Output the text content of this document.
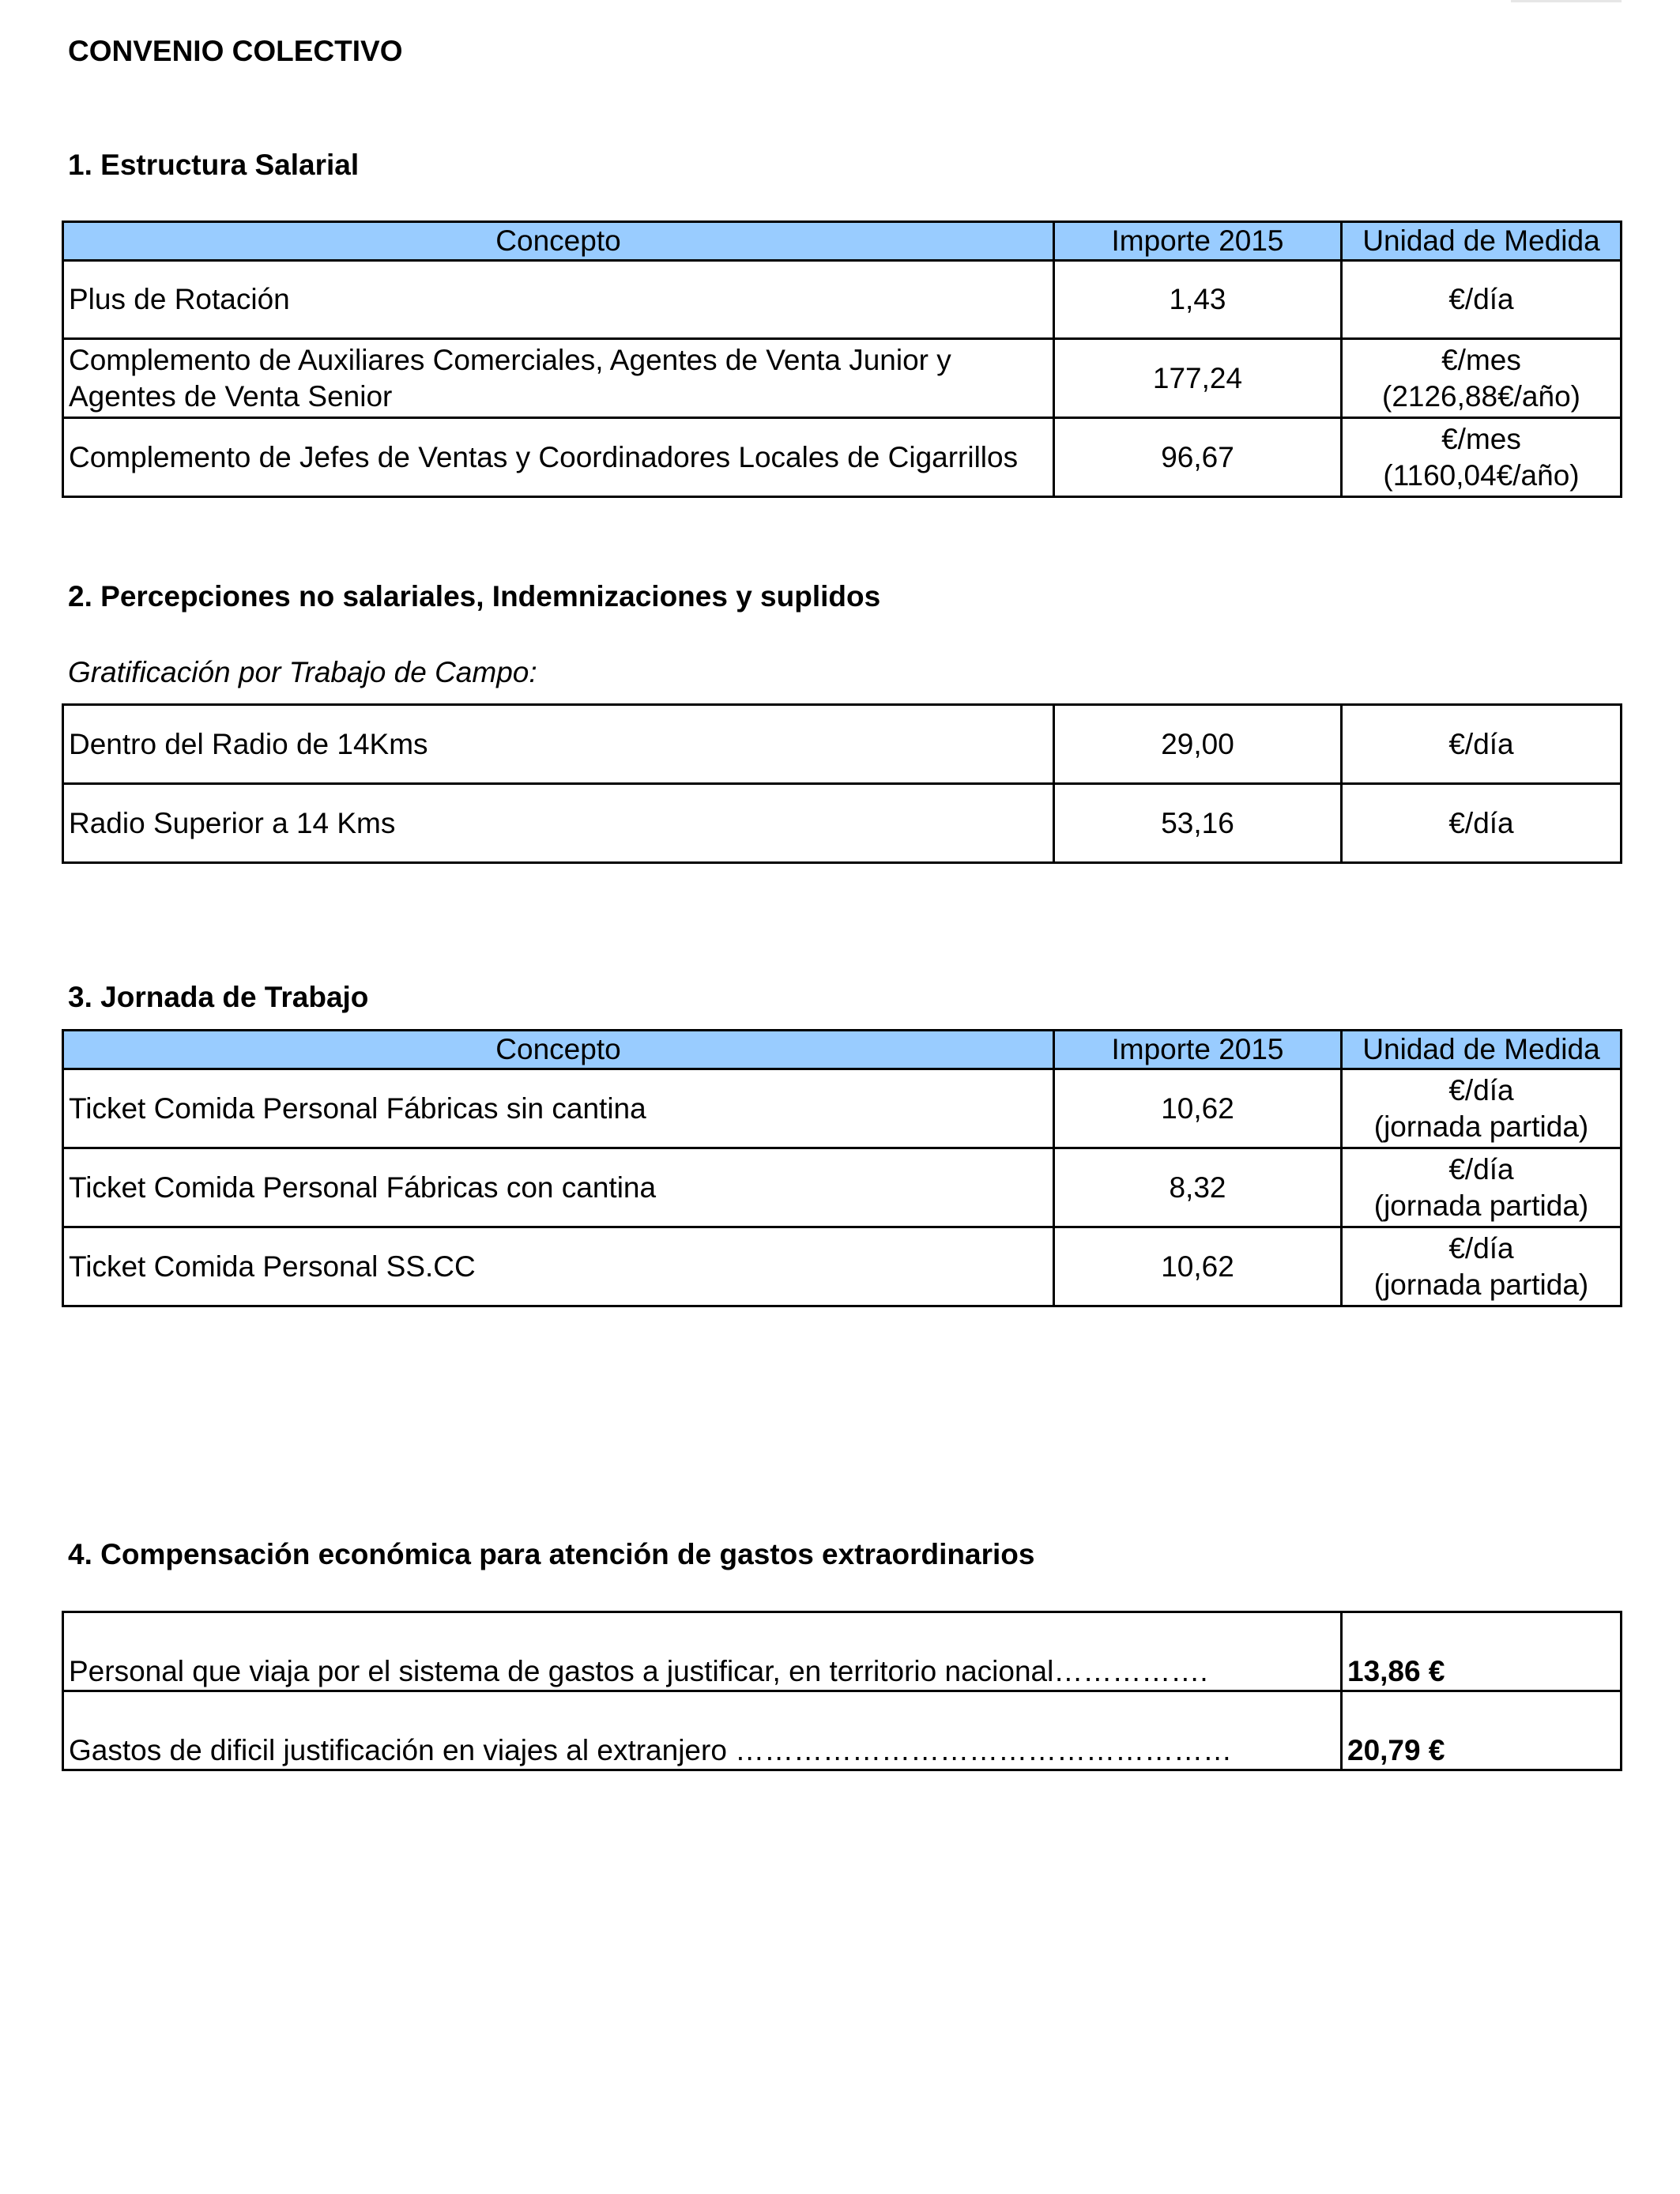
CONVENIO COLECTIVO
1. Estructura Salarial
Concepto	Importe 2015	Unidad de Medida
Plus de Rotación	1,43	€/día
Complemento de Auxiliares Comerciales, Agentes de Venta Junior y Agentes de Venta Senior	177,24	€/mes
(2126,88€/año)

Complemento de Jefes de Ventas y Coordinadores Locales de Cigarrillos	96,67	€/mes
(1160,04€/año)
2. Percepciones no salariales, Indemnizaciones y suplidos
Gratificación por Trabajo de Campo:
Dentro del Radio de 14Kms	29,00	€/día
Radio Superior a 14 Kms	53,16	€/día
3. Jornada de Trabajo
Concepto	Importe 2015	Unidad de Medida
Ticket Comida Personal Fábricas sin cantina	10,62	€/día
(jornada partida)

Ticket Comida Personal Fábricas con cantina	8,32	€/día
(jornada partida)

Ticket Comida Personal SS.CC	10,62	€/día
(jornada partida)
4. Compensación económica para atención de gastos extraordinarios
Personal que viaja por el sistema de gastos a justificar, en territorio nacional…………….	13,86 €
Gastos de dificil justificación en viajes al extranjero ……………………………………………	20,79 €
